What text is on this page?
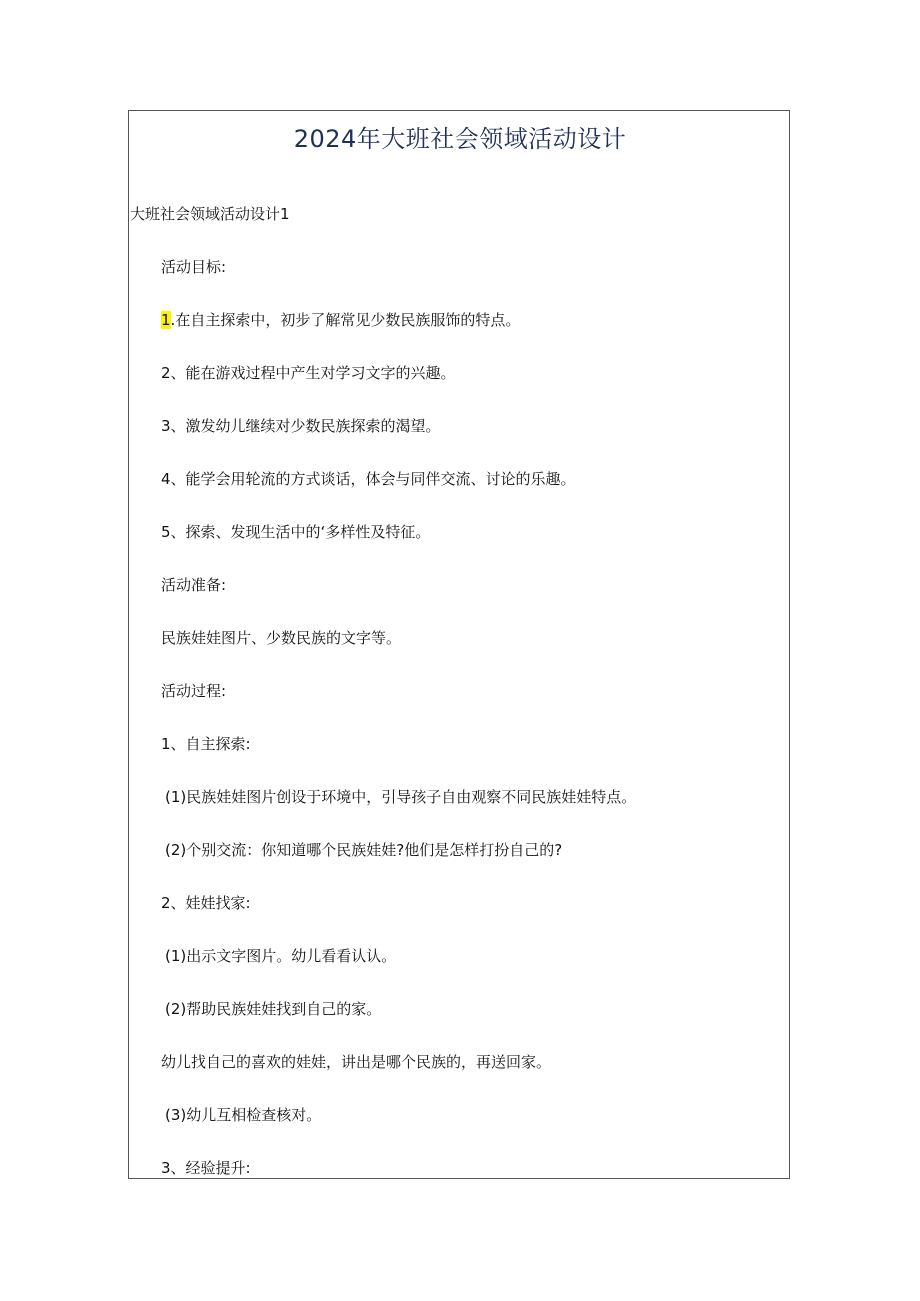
2024年大班社会领域活动设计
大班社会领域活动设计1
活动目标:
1.在自主探索中，初步了解常见少数民族服饰的特点。
2、能在游戏过程中产生对学习文字的兴趣。
3、激发幼儿继续对少数民族探索的渴望。
4、能学会用轮流的方式谈话，体会与同伴交流、讨论的乐趣。
5、探索、发现生活中的‘多样性及特征。
活动准备:
民族娃娃图片、少数民族的文字等。
活动过程:
1、自主探索:
(1)民族娃娃图片创设于环境中，引导孩子自由观察不同民族娃娃特点。
(2)个别交流：你知道哪个民族娃娃?他们是怎样打扮自己的?
2、娃娃找家:
(1)出示文字图片。幼儿看看认认。
(2)帮助民族娃娃找到自己的家。
幼儿找自己的喜欢的娃娃，讲出是哪个民族的，再送回家。
(3)幼儿互相检查核对。
3、经验提升:
